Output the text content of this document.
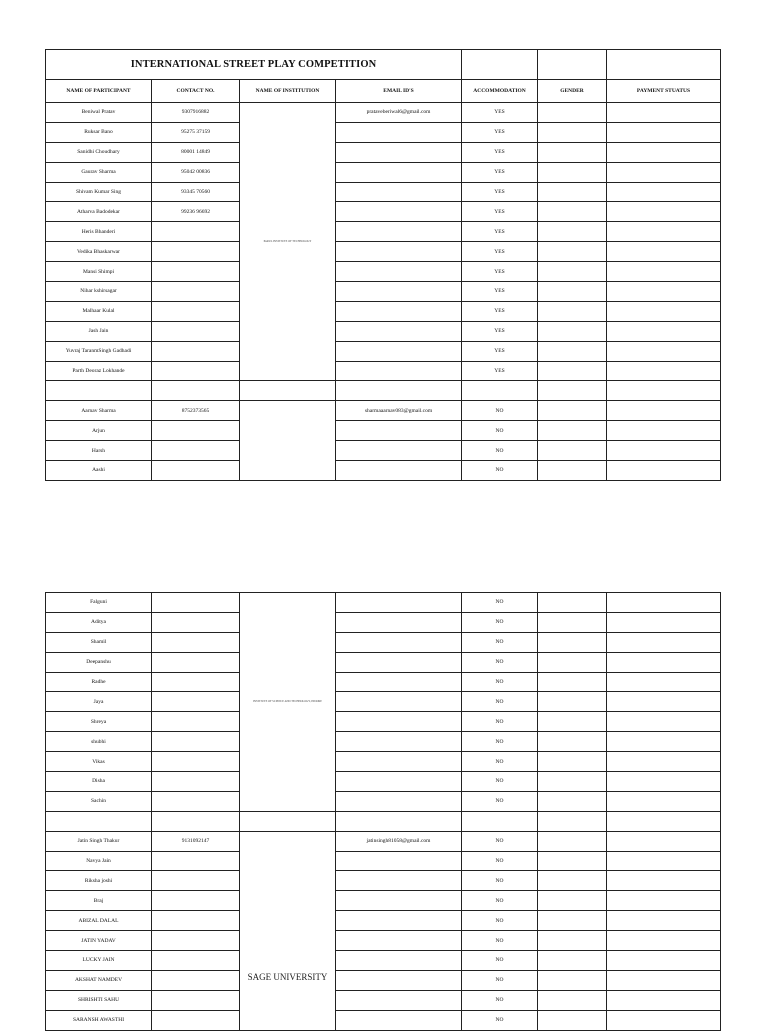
INTERNATIONAL STREET PLAY COMPETITION						
NAME OF PARTICIPANT	CONTACT NO.	NAME OF INSTITUTION	EMAIL ID'S	ACCOMMODATION	GENDER	PAYMENT STUATUS
Beniwal Pratav	9307916882	PARUL INSTITUTE OF TECHNOLOGY	prataveberiwal6@gmail.com	YES		
Ruksar Bano	95275 37159			YES		
Sanidhi Choudhary	80001 14849			YES		
Gaurav Sharma	95042 00836			YES		
Shivam Kumar Sing	93345 70560			YES		
Atharva Badodekar	99236 96692			YES		
Heris Bhanderi				YES		
Vedika Bhaskarwar				YES		
Mansi Shimpi				YES		
Nihar kshirsagar				YES		
Malhaar Kulal				YES		
Jash Jain				YES		
Yuvraj TaranmSingh Gadhadi				YES		
Parth Deoraz Lokhande				YES		

Aarnav Sharma	8752373565		sharmaaarnav083@gmail.com	NO		
Arjun				NO		
Harsh				NO		
Aashi				NO		
Falguni		INSTITUTE OF SCIENCE AND TECHNOLOGY, INDORE		NO		
Aditya				NO		
Shamil				NO		
Deepanshu				NO		
Radhe				NO		
Jaya				NO		
Shreya				NO		
shubhi				NO		
Vikas				NO		
Disha				NO		
Sachin				NO		

Jatin Singh Thakur	9131092147	SAGE UNIVERSITY	jatinsingh81058@gmail.com	NO		
Navya Jain				NO		
Riksha joshi				NO		
Braj				NO		
ABIZAL DALAL				NO		
JATIN YADAV				NO		
LUCKY JAIN				NO		
AKSHAT NAMDEV				NO		
SHRISHTI SAHU				NO		
SARANSH AWASTHI				NO		
